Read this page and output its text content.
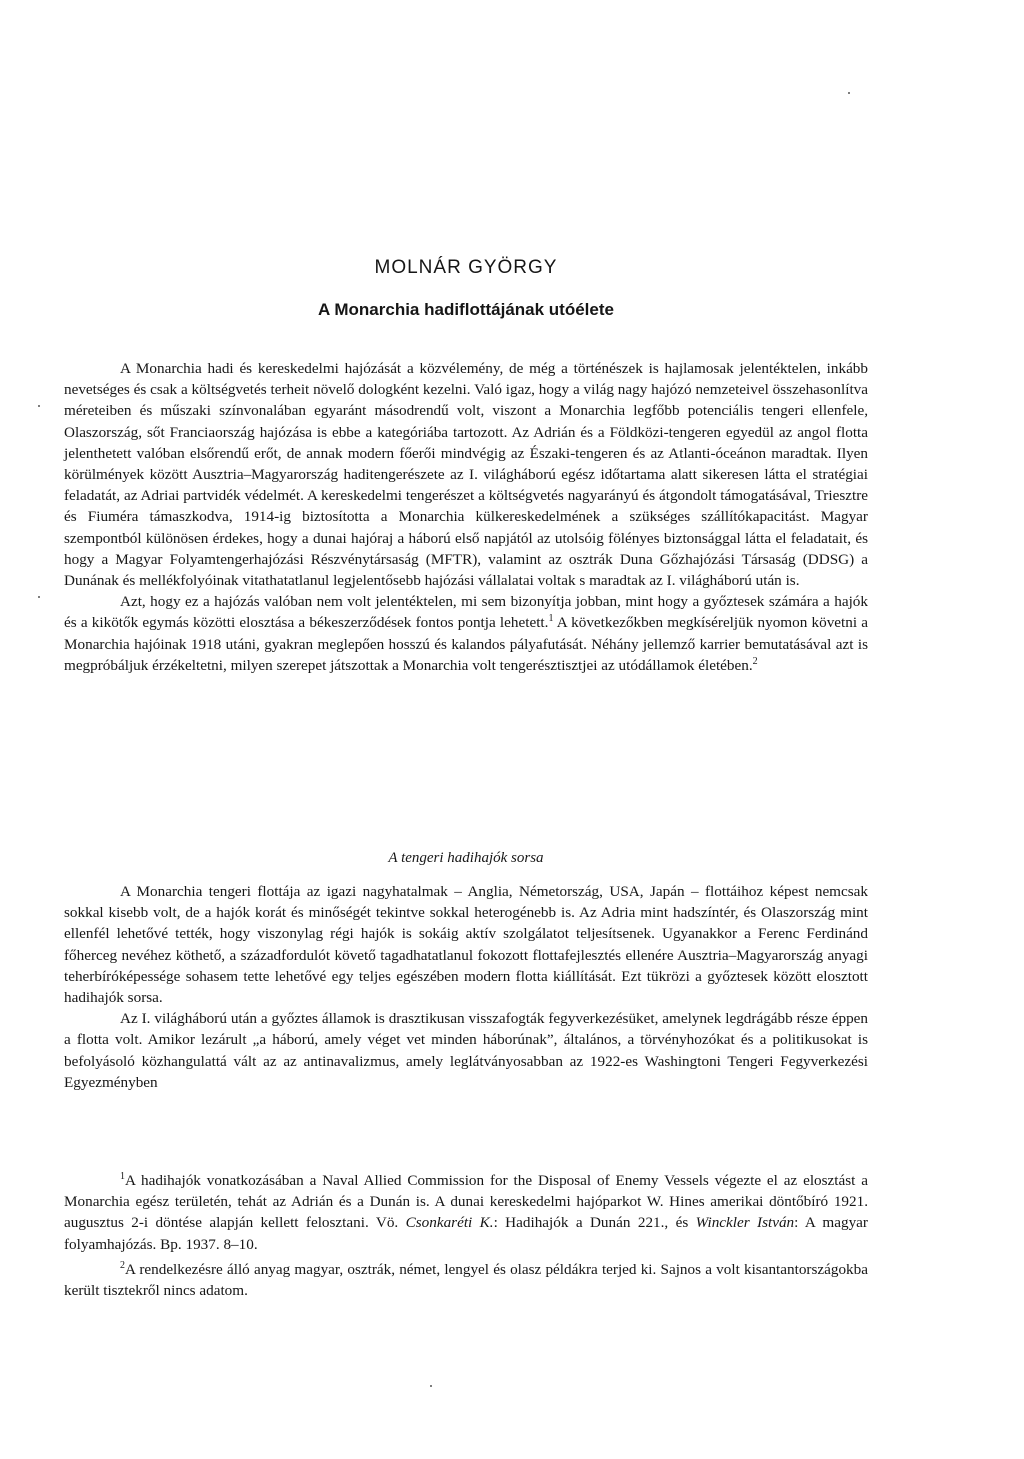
MOLNÁR GYÖRGY
A Monarchia hadiflottájának utóélete

A Monarchia hadi és kereskedelmi hajózását a közvélemény, de még a történészek is hajlamosak jelentéktelen, inkább nevetséges és csak a költségvetés terheit növelő dologként kezelni. Való igaz, hogy a világ nagy hajózó nemzeteivel összehasonlítva méreteiben és műszaki színvonalában egyaránt másodrendű volt, viszont a Monarchia legfőbb potenciális tengeri ellenfele, Olaszország, sőt Franciaország hajózása is ebbe a kategóriába tartozott. Az Adrián és a Földközi-tengeren egyedül az angol flotta jelenthetett valóban elsőrendű erőt, de annak modern főerői mindvégig az Északi-tengeren és az Atlanti-óceánon maradtak. Ilyen körülmények között Ausztria–Magyarország haditengerészete az I. világháború egész időtartama alatt sikeresen látta el stratégiai feladatát, az Adriai partvidék védelmét. A kereskedelmi tengerészet a költségvetés nagyarányú és átgondolt támogatásával, Triesztre és Fiuméra támaszkodva, 1914-ig biztosította a Monarchia külkereskedelmének a szükséges szállítókapacitást. Magyar szempontból különösen érdekes, hogy a dunai hajóraj a háború első napjától az utolsóig fölényes biztonsággal látta el feladatait, és hogy a Magyar Folyamtengerhajózási Részvénytársaság (MFTR), valamint az osztrák Duna Gőzhajózási Társaság (DDSG) a Dunának és mellékfolyóinak vitathatatlanul legjelentősebb hajózási vállalatai voltak s maradtak az I. világháború után is.

Azt, hogy ez a hajózás valóban nem volt jelentéktelen, mi sem bizonyítja jobban, mint hogy a győztesek számára a hajók és a kikötők egymás közötti elosztása a békeszerződések fontos pontja lehetett.$^1$ A következőkben megkíséreljük nyomon követni a Monarchia hajóinak 1918 utáni, gyakran meglepően hosszú és kalandos pályafutását. Néhány jellemző karrier bemutatásával azt is megpróbáljuk érzékeltetni, milyen szerepet játszottak a Monarchia volt tengerésztisztjei az utódállamok életében.$^2$

A tengeri hadihajók sorsa

A Monarchia tengeri flottája az igazi nagyhatalmak – Anglia, Németország, USA, Japán – flottáihoz képest nemcsak sokkal kisebb volt, de a hajók korát és minőségét tekintve sokkal heterogénebb is. Az Adria mint hadszíntér, és Olaszország mint ellenfél lehetővé tették, hogy viszonylag régi hajók is sokáig aktív szolgálatot teljesítsenek. Ugyanakkor a Ferenc Ferdinánd főherceg nevéhez köthető, a századfordulót követő tagadhatatlanul fokozott flottafejlesztés ellenére Ausztria–Magyarország anyagi teherbíróképessége sohasem tette lehetővé egy teljes egészében modern flotta kiállítását. Ezt tükrözi a győztesek között elosztott hadihajók sorsa.

Az I. világháború után a győztes államok is drasztikusan visszafogták fegyverkezésüket, amelynek legdrágább része éppen a flotta volt. Amikor lezárult „a háború, amely véget vet minden háborúnak”, általános, a törvényhozókat és a politikusokat is befolyásoló közhangulattá vált az az antinavalizmus, amely leglátványosabban az 1922-es Washingtoni Tengeri Fegyverkezési Egyezményben

$^1$A hadihajók vonatkozásában a Naval Allied Commission for the Disposal of Enemy Vessels végezte el az elosztást a Monarchia egész területén, tehát az Adrián és a Dunán is. A dunai kereskedelmi hajóparkot W. Hines amerikai döntőbíró 1921. augusztus 2-i döntése alapján kellett felosztani. Vö. Csonkaréti K.: Hadihajók a Dunán 221., és Winckler István: A magyar folyamhajózás. Bp. 1937. 8–10.

$^2$A rendelkezésre álló anyag magyar, osztrák, német, lengyel és olasz példákra terjed ki. Sajnos a volt kisantantországokba került tisztekről nincs adatom.
